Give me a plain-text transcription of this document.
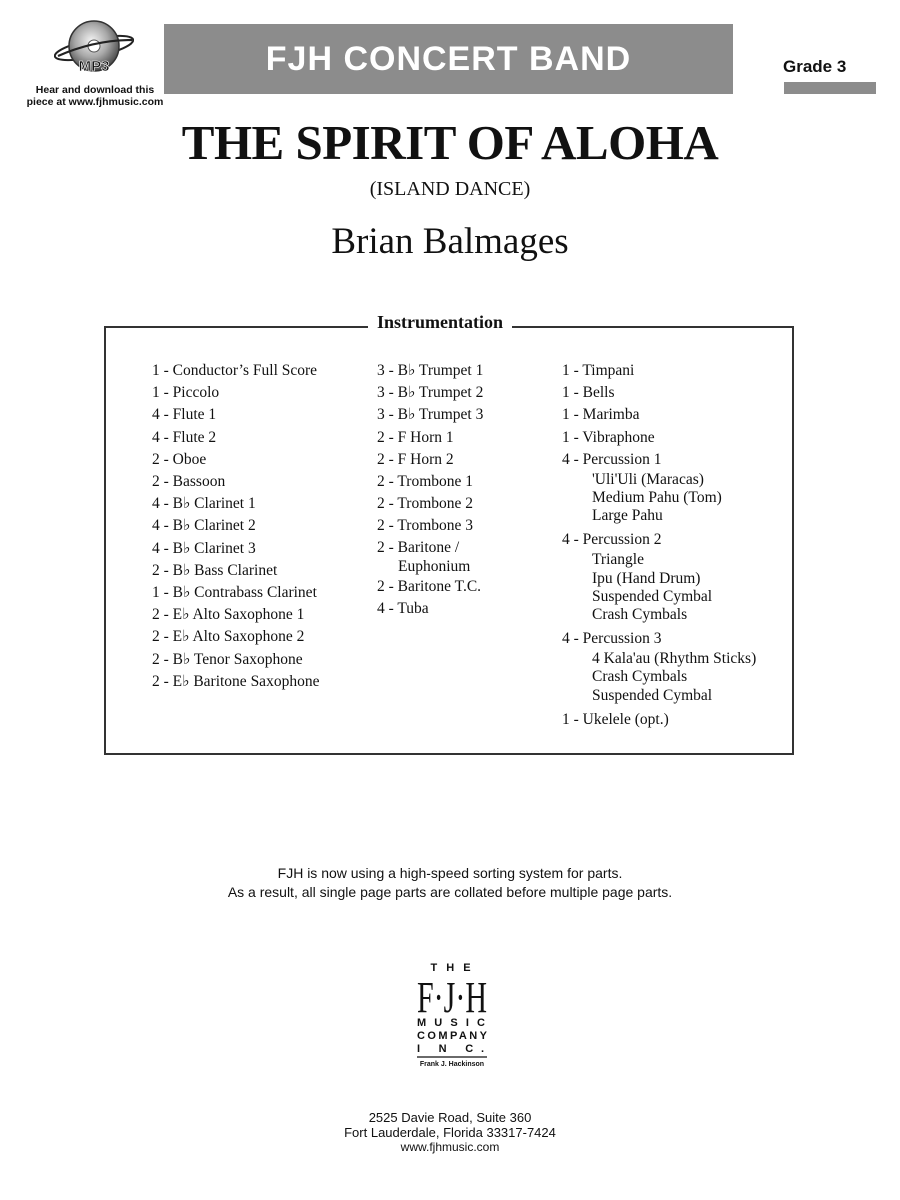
MP3
Hear and download this
piece at www.fjhmusic.com
FJH CONCERT BAND	Grade 3
THE SPIRIT OF ALOHA
(ISLAND DANCE)
Brian Balmages
Instrumentation
1 - Conductor’s Full Score
1 - Piccolo
4 - Flute 1
4 - Flute 2
2 - Oboe
2 - Bassoon
4 - B♭ Clarinet 1
4 - B♭ Clarinet 2
4 - B♭ Clarinet 3
2 - B♭ Bass Clarinet
1 - B♭ Contrabass Clarinet
2 - E♭ Alto Saxophone 1
2 - E♭ Alto Saxophone 2
2 - B♭ Tenor Saxophone
2 - E♭ Baritone Saxophone
3 - B♭ Trumpet 1
3 - B♭ Trumpet 2
3 - B♭ Trumpet 3
2 - F Horn 1
2 - F Horn 2
2 - Trombone 1
2 - Trombone 2
2 - Trombone 3
2 - Baritone /
Euphonium
2 - Baritone T.C.
4 - Tuba
1 - Timpani
1 - Bells
1 - Marimba
1 - Vibraphone
4 - Percussion 1
'Uli'Uli (Maracas)
Medium Pahu (Tom)
Large Pahu
4 - Percussion 2
Triangle
Ipu (Hand Drum)
Suspended Cymbal
Crash Cymbals
4 - Percussion 3
4 Kala'au (Rhythm Sticks)
Crash Cymbals
Suspended Cymbal
1 - Ukelele (opt.)
FJH is now using a high-speed sorting system for parts.
As a result, all single page parts are collated before multiple page parts.
T H E
F·J·H
MUSIC
COMPANY
I N C.
Frank J. Hackinson
2525 Davie Road, Suite 360
Fort Lauderdale, Florida 33317-7424
www.fjhmusic.com
